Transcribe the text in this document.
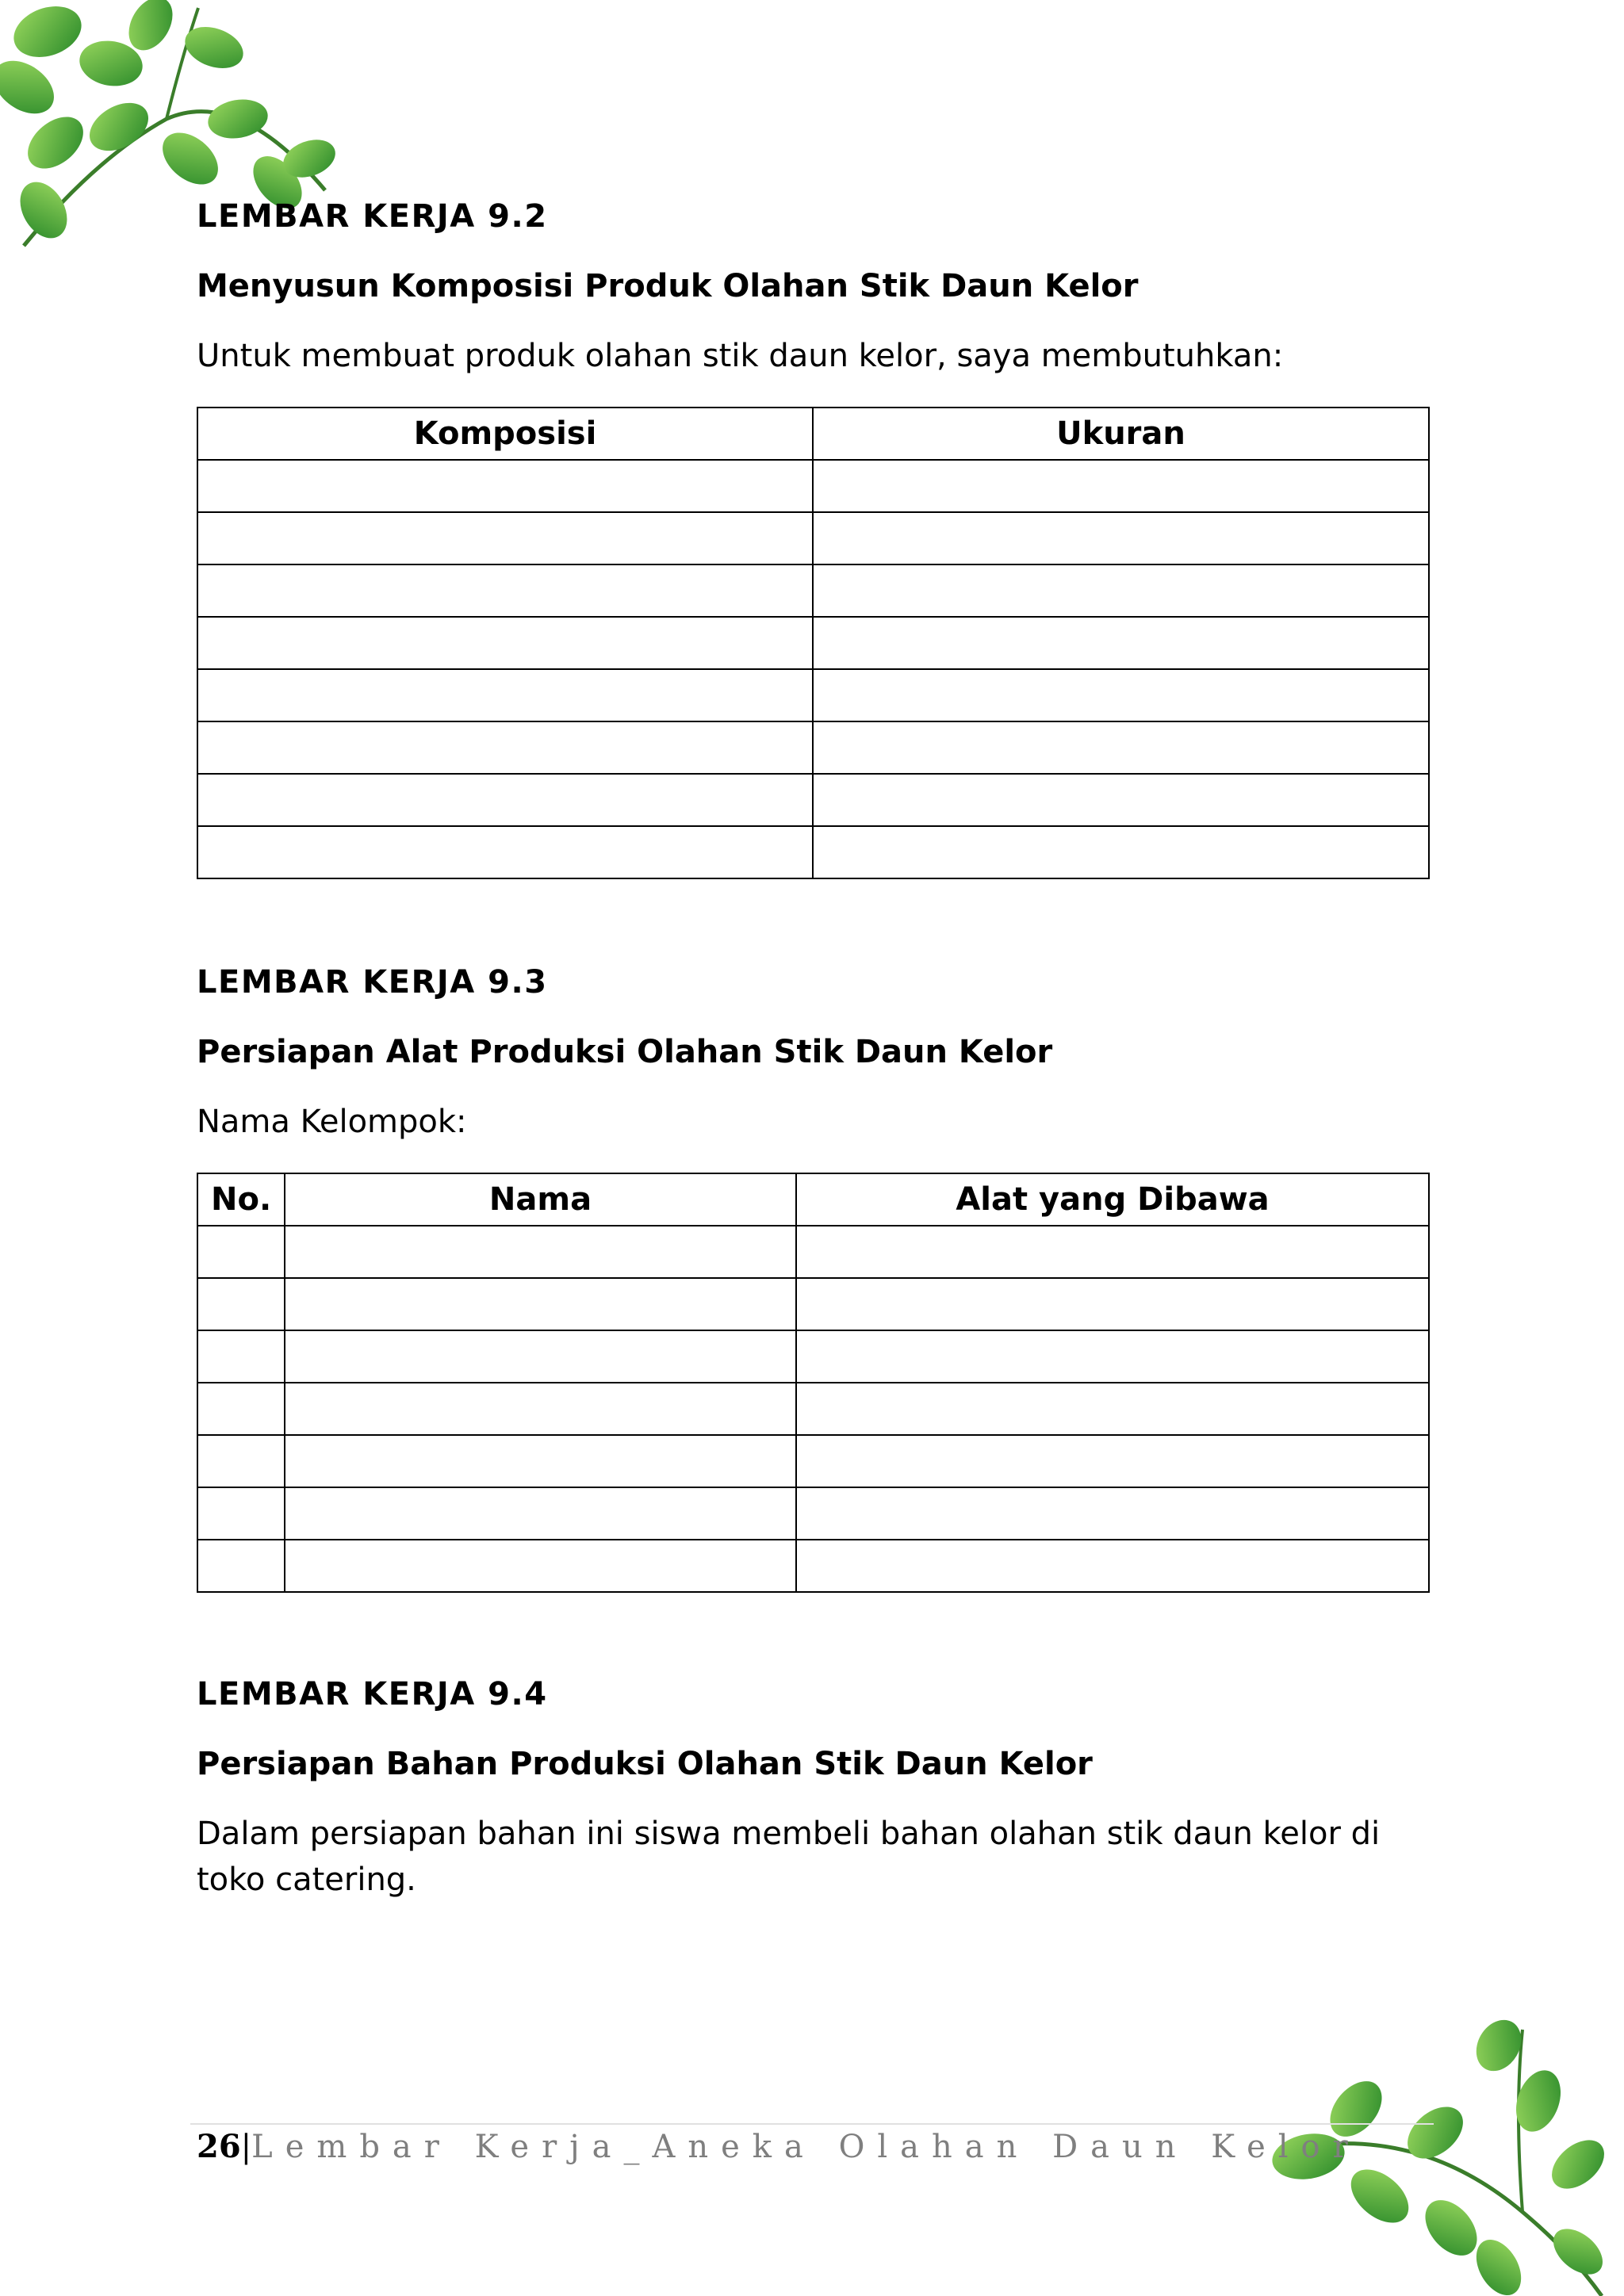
LEMBAR KERJA 9.2
Menyusun Komposisi Produk Olahan Stik Daun Kelor
Untuk membuat produk olahan stik daun kelor, saya membutuhkan:
Komposisi	Ukuran

LEMBAR KERJA 9.3
Persiapan Alat Produksi Olahan Stik Daun Kelor
Nama Kelompok:
No.	Nama	Alat yang Dibawa

LEMBAR KERJA 9.4
Persiapan Bahan Produksi Olahan Stik Daun Kelor
Dalam persiapan bahan ini siswa membeli bahan olahan stik daun kelor di toko catering.
26|Lembar Kerja_Aneka Olahan Daun Kelor
